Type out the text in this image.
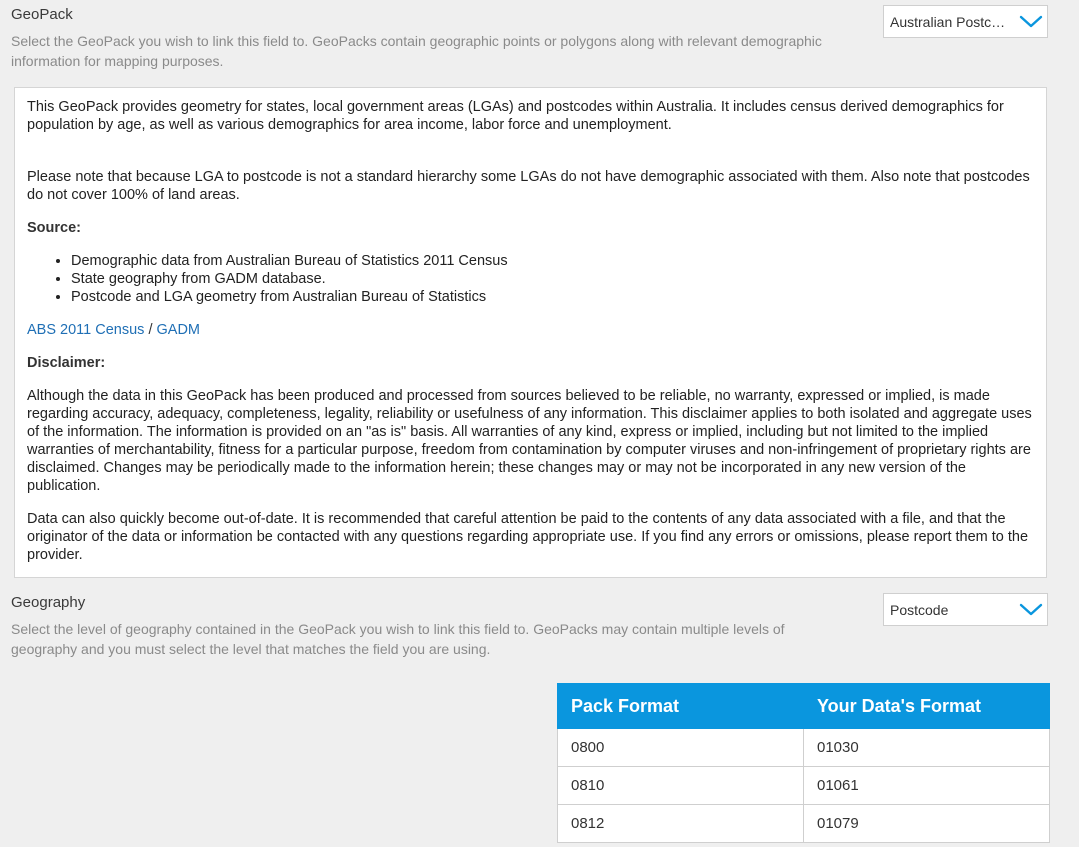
GeoPack
Select the GeoPack you wish to link this field to. GeoPacks contain geographic points or polygons along with relevant demographic information for mapping purposes.
Australian Postc…

This GeoPack provides geometry for states, local government areas (LGAs) and postcodes within Australia. It includes census derived demographics for population by age, as well as various demographics for area income, labor force and unemployment.

Please note that because LGA to postcode is not a standard hierarchy some LGAs do not have demographic associated with them. Also note that postcodes do not cover 100% of land areas.

Source:

• Demographic data from Australian Bureau of Statistics 2011 Census
• State geography from GADM database.
• Postcode and LGA geometry from Australian Bureau of Statistics

ABS 2011 Census / GADM

Disclaimer:

Although the data in this GeoPack has been produced and processed from sources believed to be reliable, no warranty, expressed or implied, is made regarding accuracy, adequacy, completeness, legality, reliability or usefulness of any information. This disclaimer applies to both isolated and aggregate uses of the information. The information is provided on an "as is" basis. All warranties of any kind, express or implied, including but not limited to the implied warranties of merchantability, fitness for a particular purpose, freedom from contamination by computer viruses and non-infringement of proprietary rights are disclaimed. Changes may be periodically made to the information herein; these changes may or may not be incorporated in any new version of the publication.

Data can also quickly become out-of-date. It is recommended that careful attention be paid to the contents of any data associated with a file, and that the originator of the data or information be contacted with any questions regarding appropriate use. If you find any errors or omissions, please report them to the provider.

Geography
Select the level of geography contained in the GeoPack you wish to link this field to. GeoPacks may contain multiple levels of geography and you must select the level that matches the field you are using.
Postcode
Pack Format	Your Data's Format
0800	01030
0810	01061
0812	01079
